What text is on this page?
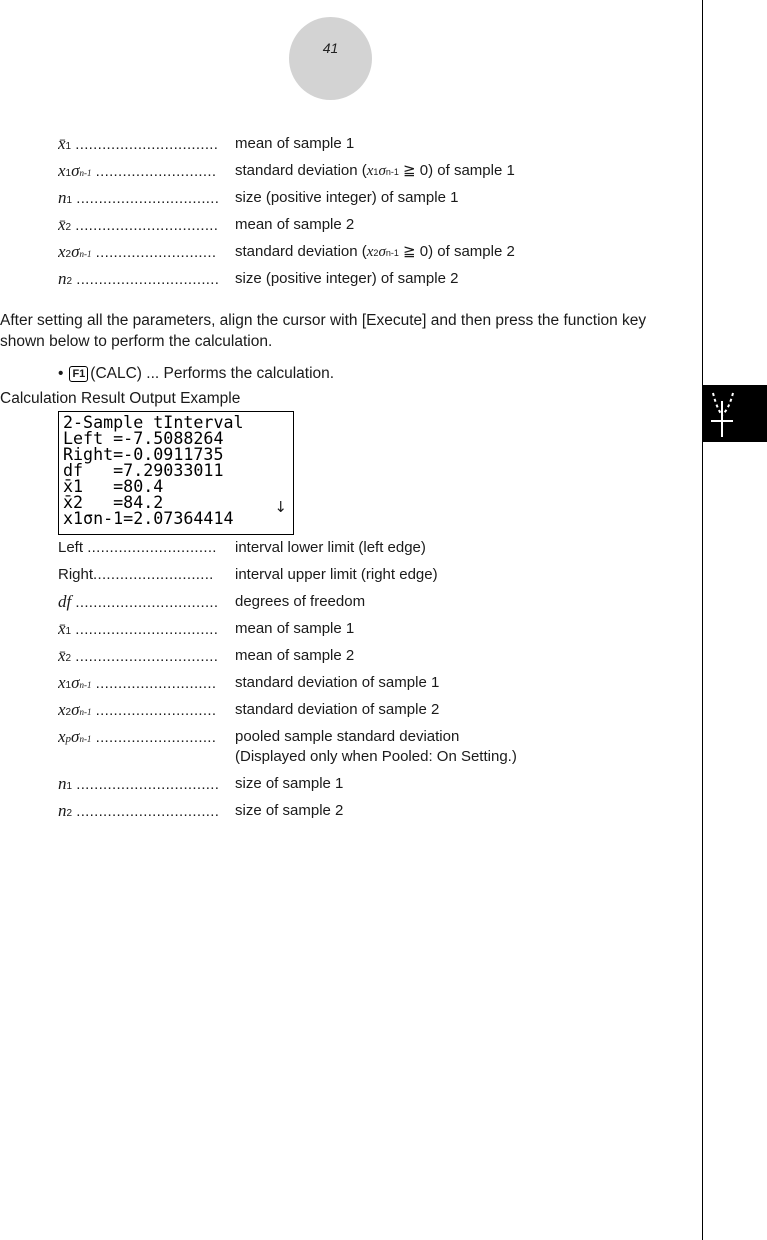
41
x̄1 ................................	mean of sample 1
x1σn-1 ...........................	standard deviation (x1σn-1 ≧ 0) of sample 1
n1 ................................	size (positive integer) of sample 1
x̄2 ................................	mean of sample 2
x2σn-1 ...........................	standard deviation (x2σn-1 ≧ 0) of sample 2
n2 ................................	size (positive integer) of sample 2
After setting all the parameters, align the cursor with [Execute] and then press the function key shown below to perform the calculation.
• F1 (CALC) ... Performs the calculation.
Calculation Result Output Example
2-Sample tInterval
Left =-7.5088264
Right=-0.0911735
df   =7.29033011
x̄1   =80.4
x̄2   =84.2
x1σn-1=2.07364414
↓
Left .............................	interval lower limit (left edge)
Right...........................	interval upper limit (right edge)
df ................................	degrees of freedom
x̄1 ................................	mean of sample 1
x̄2 ................................	mean of sample 2
x1σn-1 ...........................	standard deviation of sample 1
x2σn-1 ...........................	standard deviation of sample 2
xpσn-1 ...........................	pooled sample standard deviation
(Displayed only when Pooled: On Setting.)
n1 ................................	size of sample 1
n2 ................................	size of sample 2
